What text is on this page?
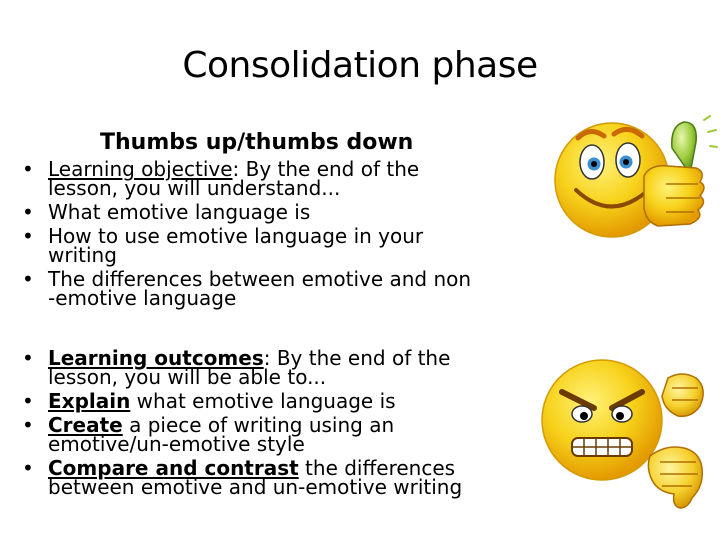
Consolidation phase
Thumbs up/thumbs down
• Learning objective: By the end of the lesson, you will understand...
• What emotive language is
• How to use emotive language in your writing
• The differences between emotive and non -emotive language
• Learning outcomes: By the end of the lesson, you will be able to...
• Explain what emotive language is
• Create a piece of writing using an emotive/un-emotive style
• Compare and contrast the differences between emotive and un-emotive writing
